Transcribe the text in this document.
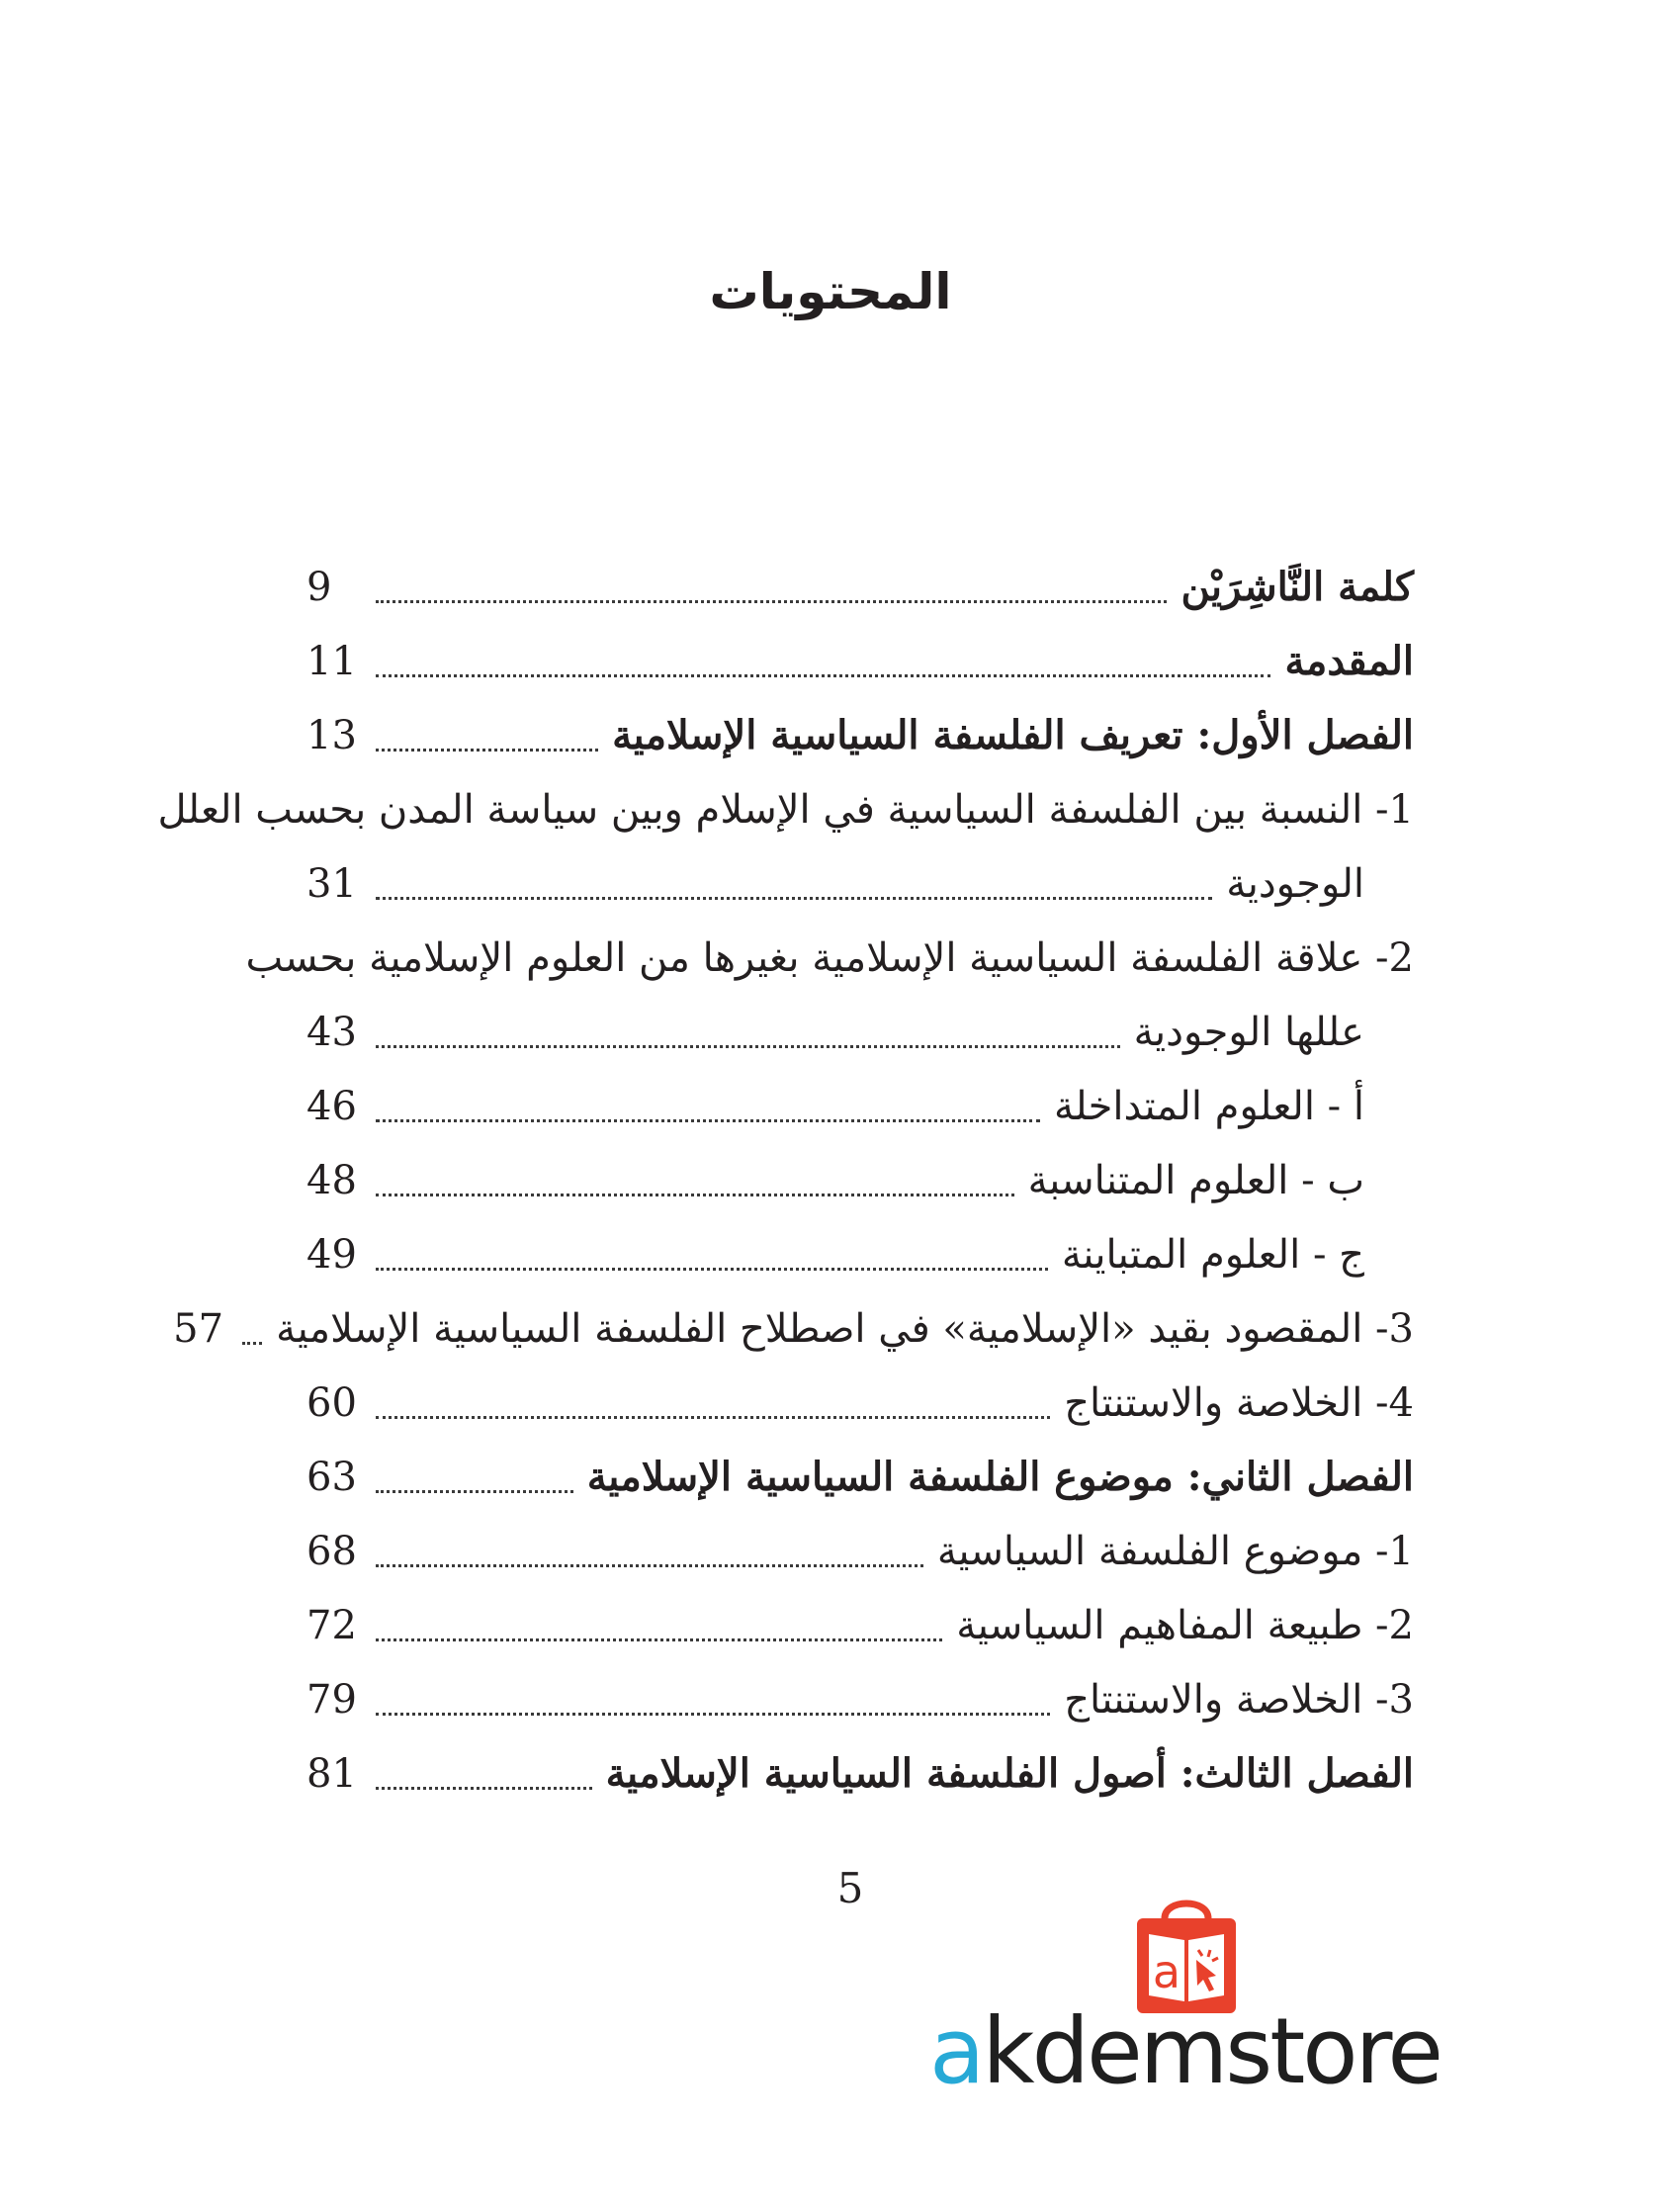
المحتويات
كلمة النَّاشِرَيْن
9
المقدمة
11
الفصل الأول: تعريف الفلسفة السياسية الإسلامية
13
1- النسبة بين الفلسفة السياسية في الإسلام وبين سياسة المدن بحسب العلل
الوجودية
31
2- علاقة الفلسفة السياسية الإسلامية بغيرها من العلوم الإسلامية بحسب
عللها الوجودية
43
أ - العلوم المتداخلة
46
ب - العلوم المتناسبة
48
ج - العلوم المتباينة
49
3- المقصود بقيد «الإسلامية» في اصطلاح الفلسفة السياسية الإسلامية
57
4- الخلاصة والاستنتاج
60
الفصل الثاني: موضوع الفلسفة السياسية الإسلامية
63
1- موضوع الفلسفة السياسية
68
2- طبيعة المفاهيم السياسية
72
3- الخلاصة والاستنتاج
79
الفصل الثالث: أصول الفلسفة السياسية الإسلامية
81
5
a
akdemstore
